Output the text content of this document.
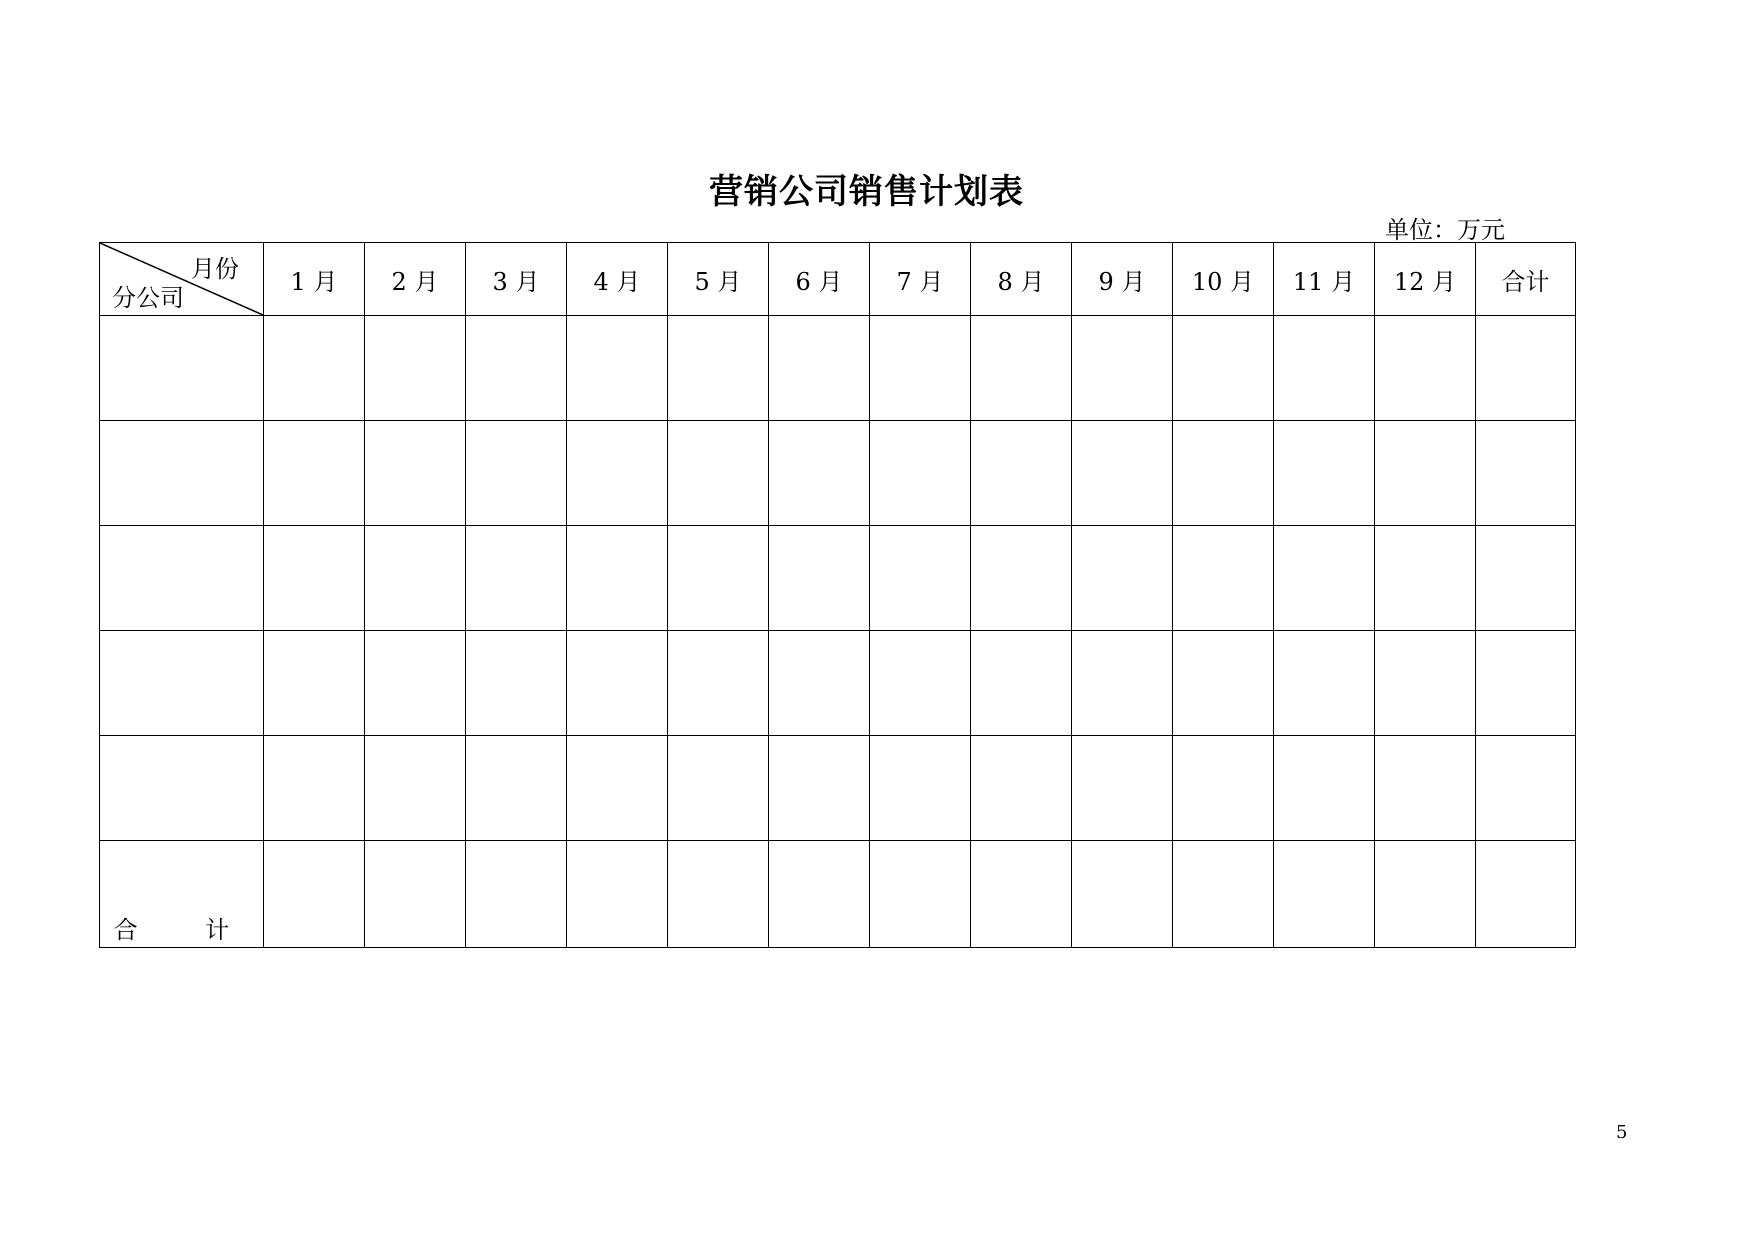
营销公司销售计划表
单位：万元
月份
分公司	1 月	2 月	3 月	4 月	5 月	6 月	7 月	8 月	9 月	10 月	11 月	12 月	合计

合 计													
5
